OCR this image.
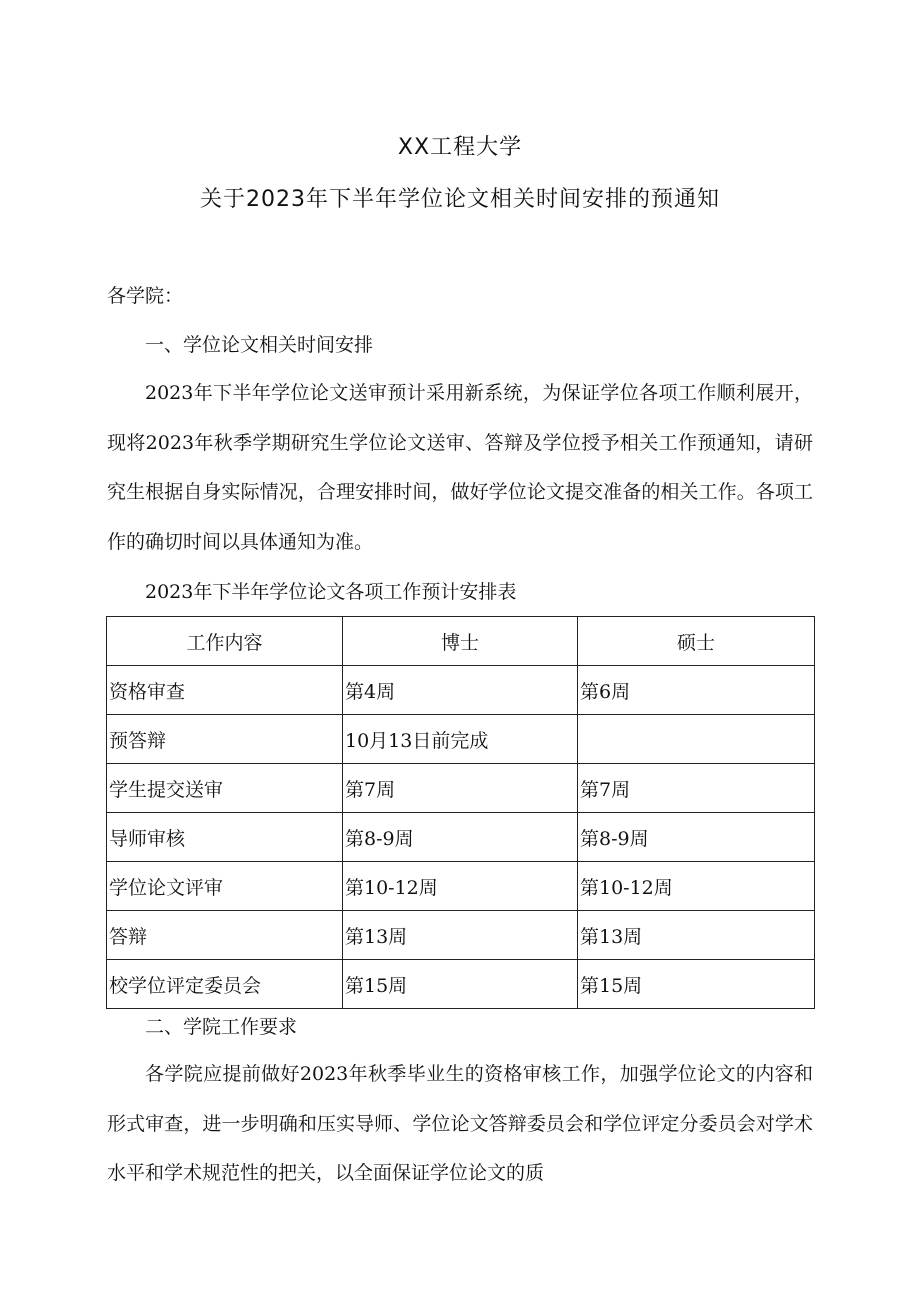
XX工程大学
关于2023年下半年学位论文相关时间安排的预通知
各学院：
一、学位论文相关时间安排
2023年下半年学位论文送审预计采用新系统，为保证学位各项工作顺利展开，现将2023年秋季学期研究生学位论文送审、答辩及学位授予相关工作预通知，请研究生根据自身实际情况，合理安排时间，做好学位论文提交准备的相关工作。各项工作的确切时间以具体通知为准。
2023年下半年学位论文各项工作预计安排表
工作内容	博士	硕士
资格审查	第4周	第6周
预答辩	10月13日前完成	
学生提交送审	第7周	第7周
导师审核	第8-9周	第8-9周
学位论文评审	第10-12周	第10-12周
答辩	第13周	第13周
校学位评定委员会	第15周	第15周
二、学院工作要求
各学院应提前做好2023年秋季毕业生的资格审核工作，加强学位论文的内容和形式审查，进一步明确和压实导师、学位论文答辩委员会和学位评定分委员会对学术水平和学术规范性的把关，以全面保证学位论文的质
